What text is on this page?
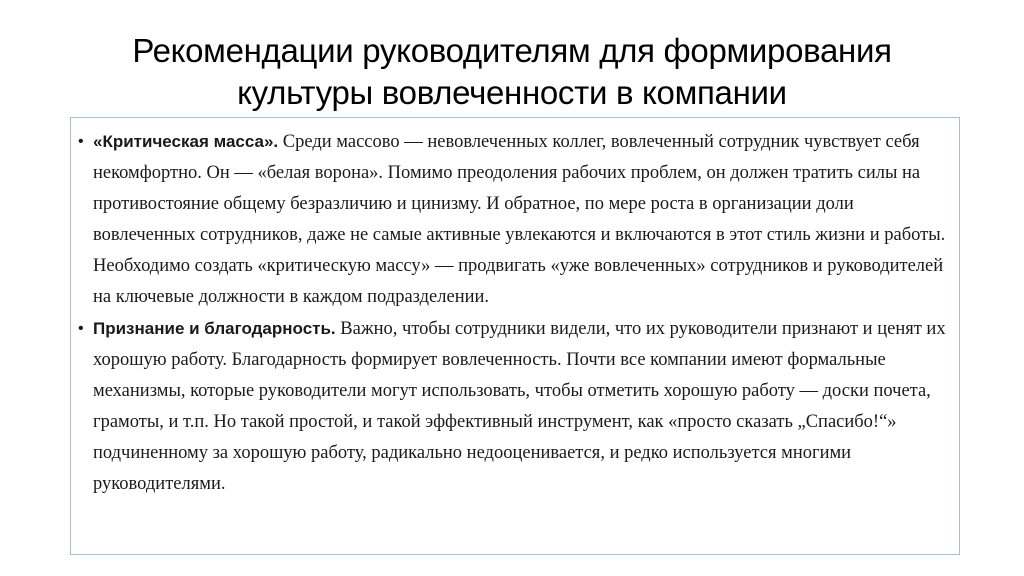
Рекомендации руководителям для формирования
культуры вовлеченности в компании

• «Критическая масса». Среди массово — невовлеченных коллег, вовлеченный сотрудник чувствует себя некомфортно. Он — «белая ворона». Помимо преодоления рабочих проблем, он должен тратить силы на противостояние общему безразличию и цинизму. И обратное, по мере роста в организации доли вовлеченных сотрудников, даже не самые активные увлекаются и включаются в этот стиль жизни и работы. Необходимо создать «критическую массу» — продвигать «уже вовлеченных» сотрудников и руководителей на ключевые должности в каждом подразделении.

• Признание и благодарность. Важно, чтобы сотрудники видели, что их руководители признают и ценят их хорошую работу. Благодарность формирует вовлеченность. Почти все компании имеют формальные механизмы, которые руководители могут использовать, чтобы отметить хорошую работу — доски почета, грамоты, и т.п. Но такой простой, и такой эффективный инструмент, как «просто сказать „Спасибо!“» подчиненному за хорошую работу, радикально недооценивается, и редко используется многими руководителями.
